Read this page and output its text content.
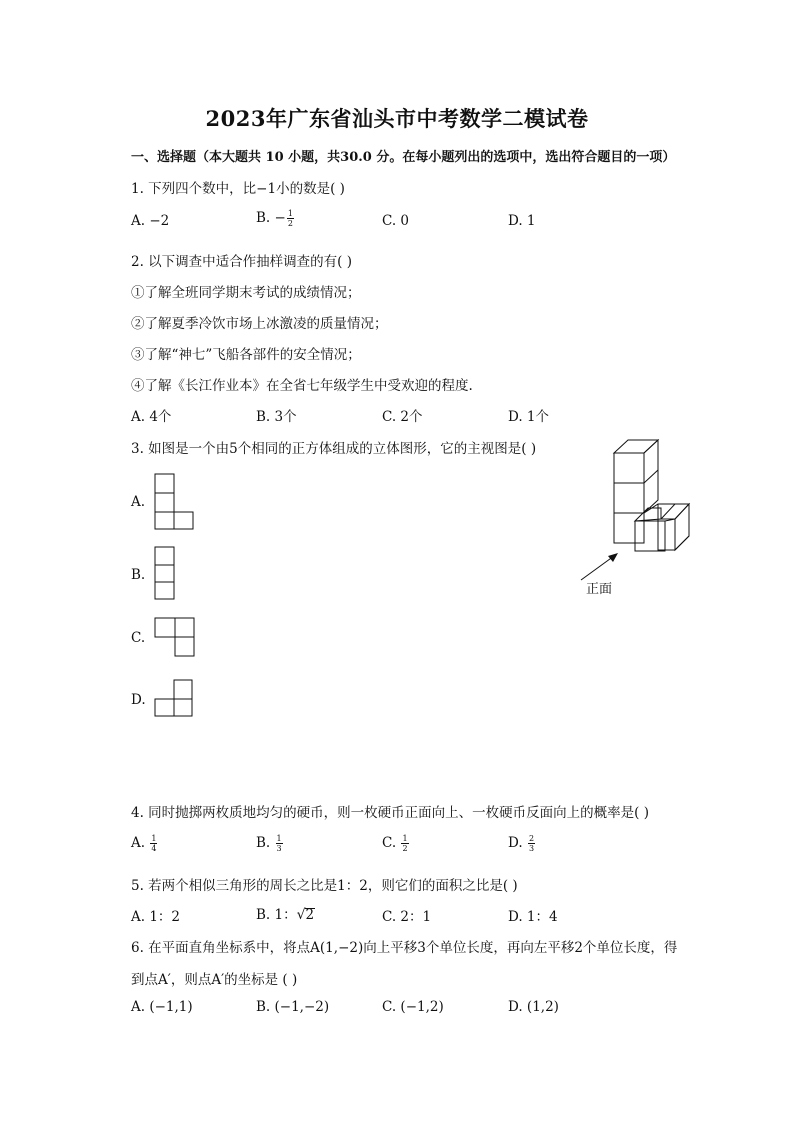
2023年广东省汕头市中考数学二模试卷
一、选择题（本大题共 10 小题，共30.0 分。在每小题列出的选项中，选出符合题目的一项）
1. 下列四个数中，比−1小的数是( )
A. −2	B. − $\frac{1}{2}$	C. 0	D. 1
2. 以下调查中适合作抽样调查的有( )
①了解全班同学期末考试的成绩情况；
②了解夏季冷饮市场上冰激凌的质量情况；
③了解“神七”飞船各部件的安全情况；
④了解《长江作业本》在全省七年级学生中受欢迎的程度.
A. 4个	B. 3个	C. 2个	D. 1个
3. 如图是一个由5个相同的正方体组成的立体图形，它的主视图是( )
A.
B.
C.
D.
正面
4. 同时抛掷两枚质地均匀的硬币，则一枚硬币正面向上、一枚硬币反面向上的概率是( )
A. $\frac{1}{4}$	B. $\frac{1}{3}$	C. $\frac{1}{2}$	D. $\frac{2}{3}$
5. 若两个相似三角形的周长之比是1：2，则它们的面积之比是( )
A. 1：2	B. 1：√2	C. 2：1	D. 1：4
6. 在平面直角坐标系中，将点A(1,−2)向上平移3个单位长度，再向左平移2个单位长度，得
到点A′，则点A′的坐标是 ( )
A. (−1,1)	B. (−1,−2)	C. (−1,2)	D. (1,2)
